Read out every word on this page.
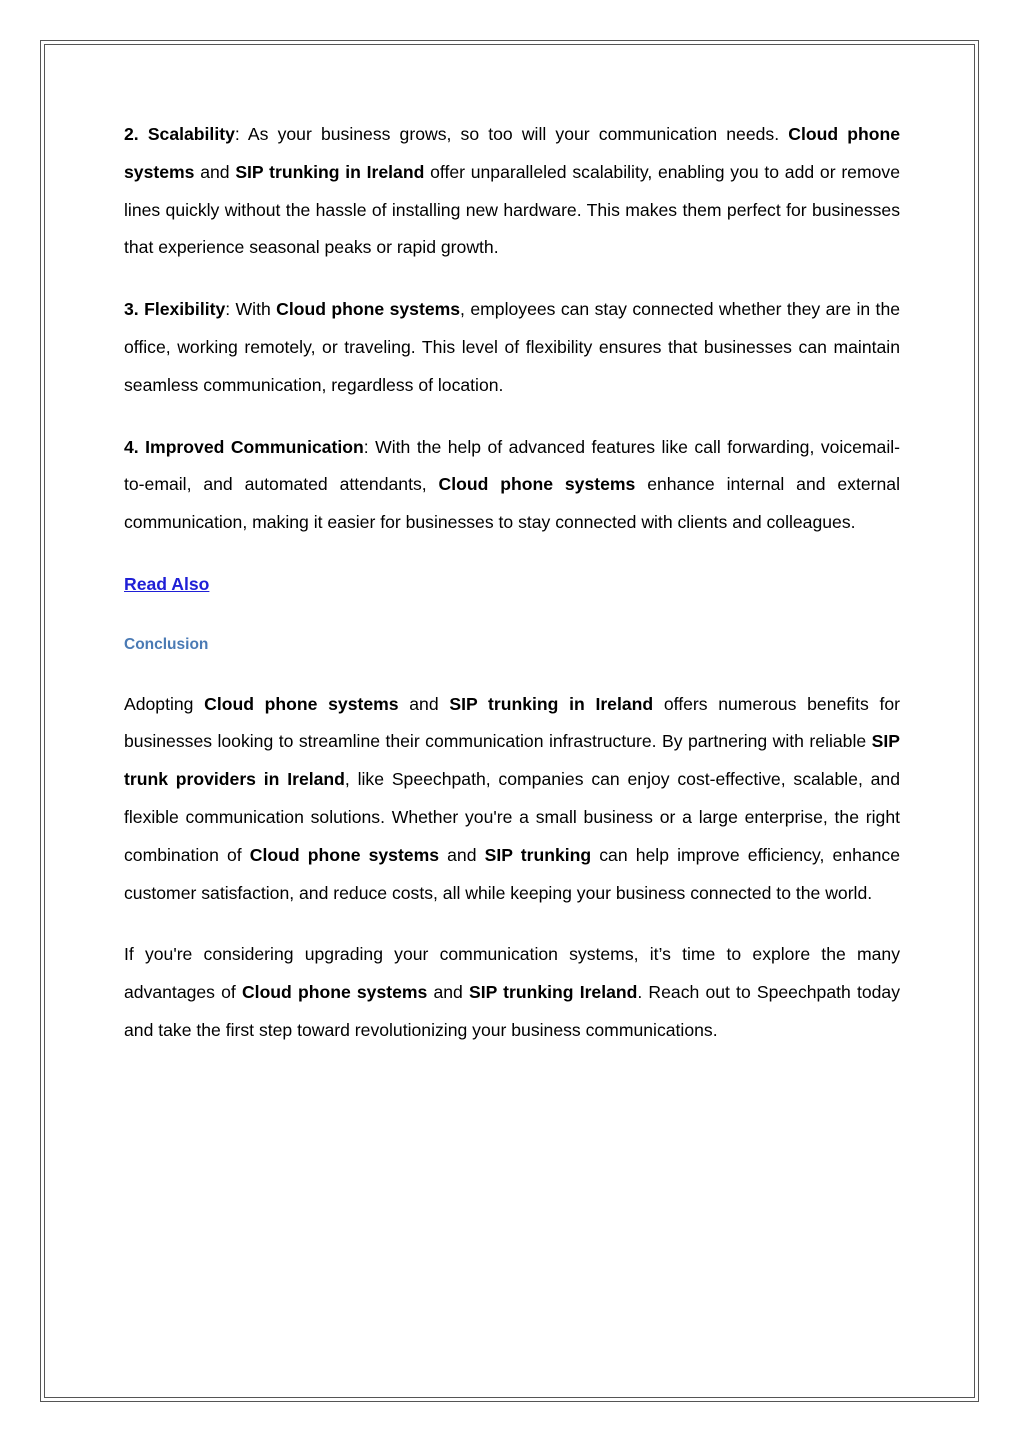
2. Scalability: As your business grows, so too will your communication needs. Cloud phone systems and SIP trunking in Ireland offer unparalleled scalability, enabling you to add or remove lines quickly without the hassle of installing new hardware. This makes them perfect for businesses that experience seasonal peaks or rapid growth.

3. Flexibility: With Cloud phone systems, employees can stay connected whether they are in the office, working remotely, or traveling. This level of flexibility ensures that businesses can maintain seamless communication, regardless of location.

4. Improved Communication: With the help of advanced features like call forwarding, voicemail-to-email, and automated attendants, Cloud phone systems enhance internal and external communication, making it easier for businesses to stay connected with clients and colleagues.

Read Also
Conclusion

Adopting Cloud phone systems and SIP trunking in Ireland offers numerous benefits for businesses looking to streamline their communication infrastructure. By partnering with reliable SIP trunk providers in Ireland, like Speechpath, companies can enjoy cost-effective, scalable, and flexible communication solutions. Whether you're a small business or a large enterprise, the right combination of Cloud phone systems and SIP trunking can help improve efficiency, enhance customer satisfaction, and reduce costs, all while keeping your business connected to the world.

If you're considering upgrading your communication systems, it’s time to explore the many advantages of Cloud phone systems and SIP trunking Ireland. Reach out to Speechpath today and take the first step toward revolutionizing your business communications.
